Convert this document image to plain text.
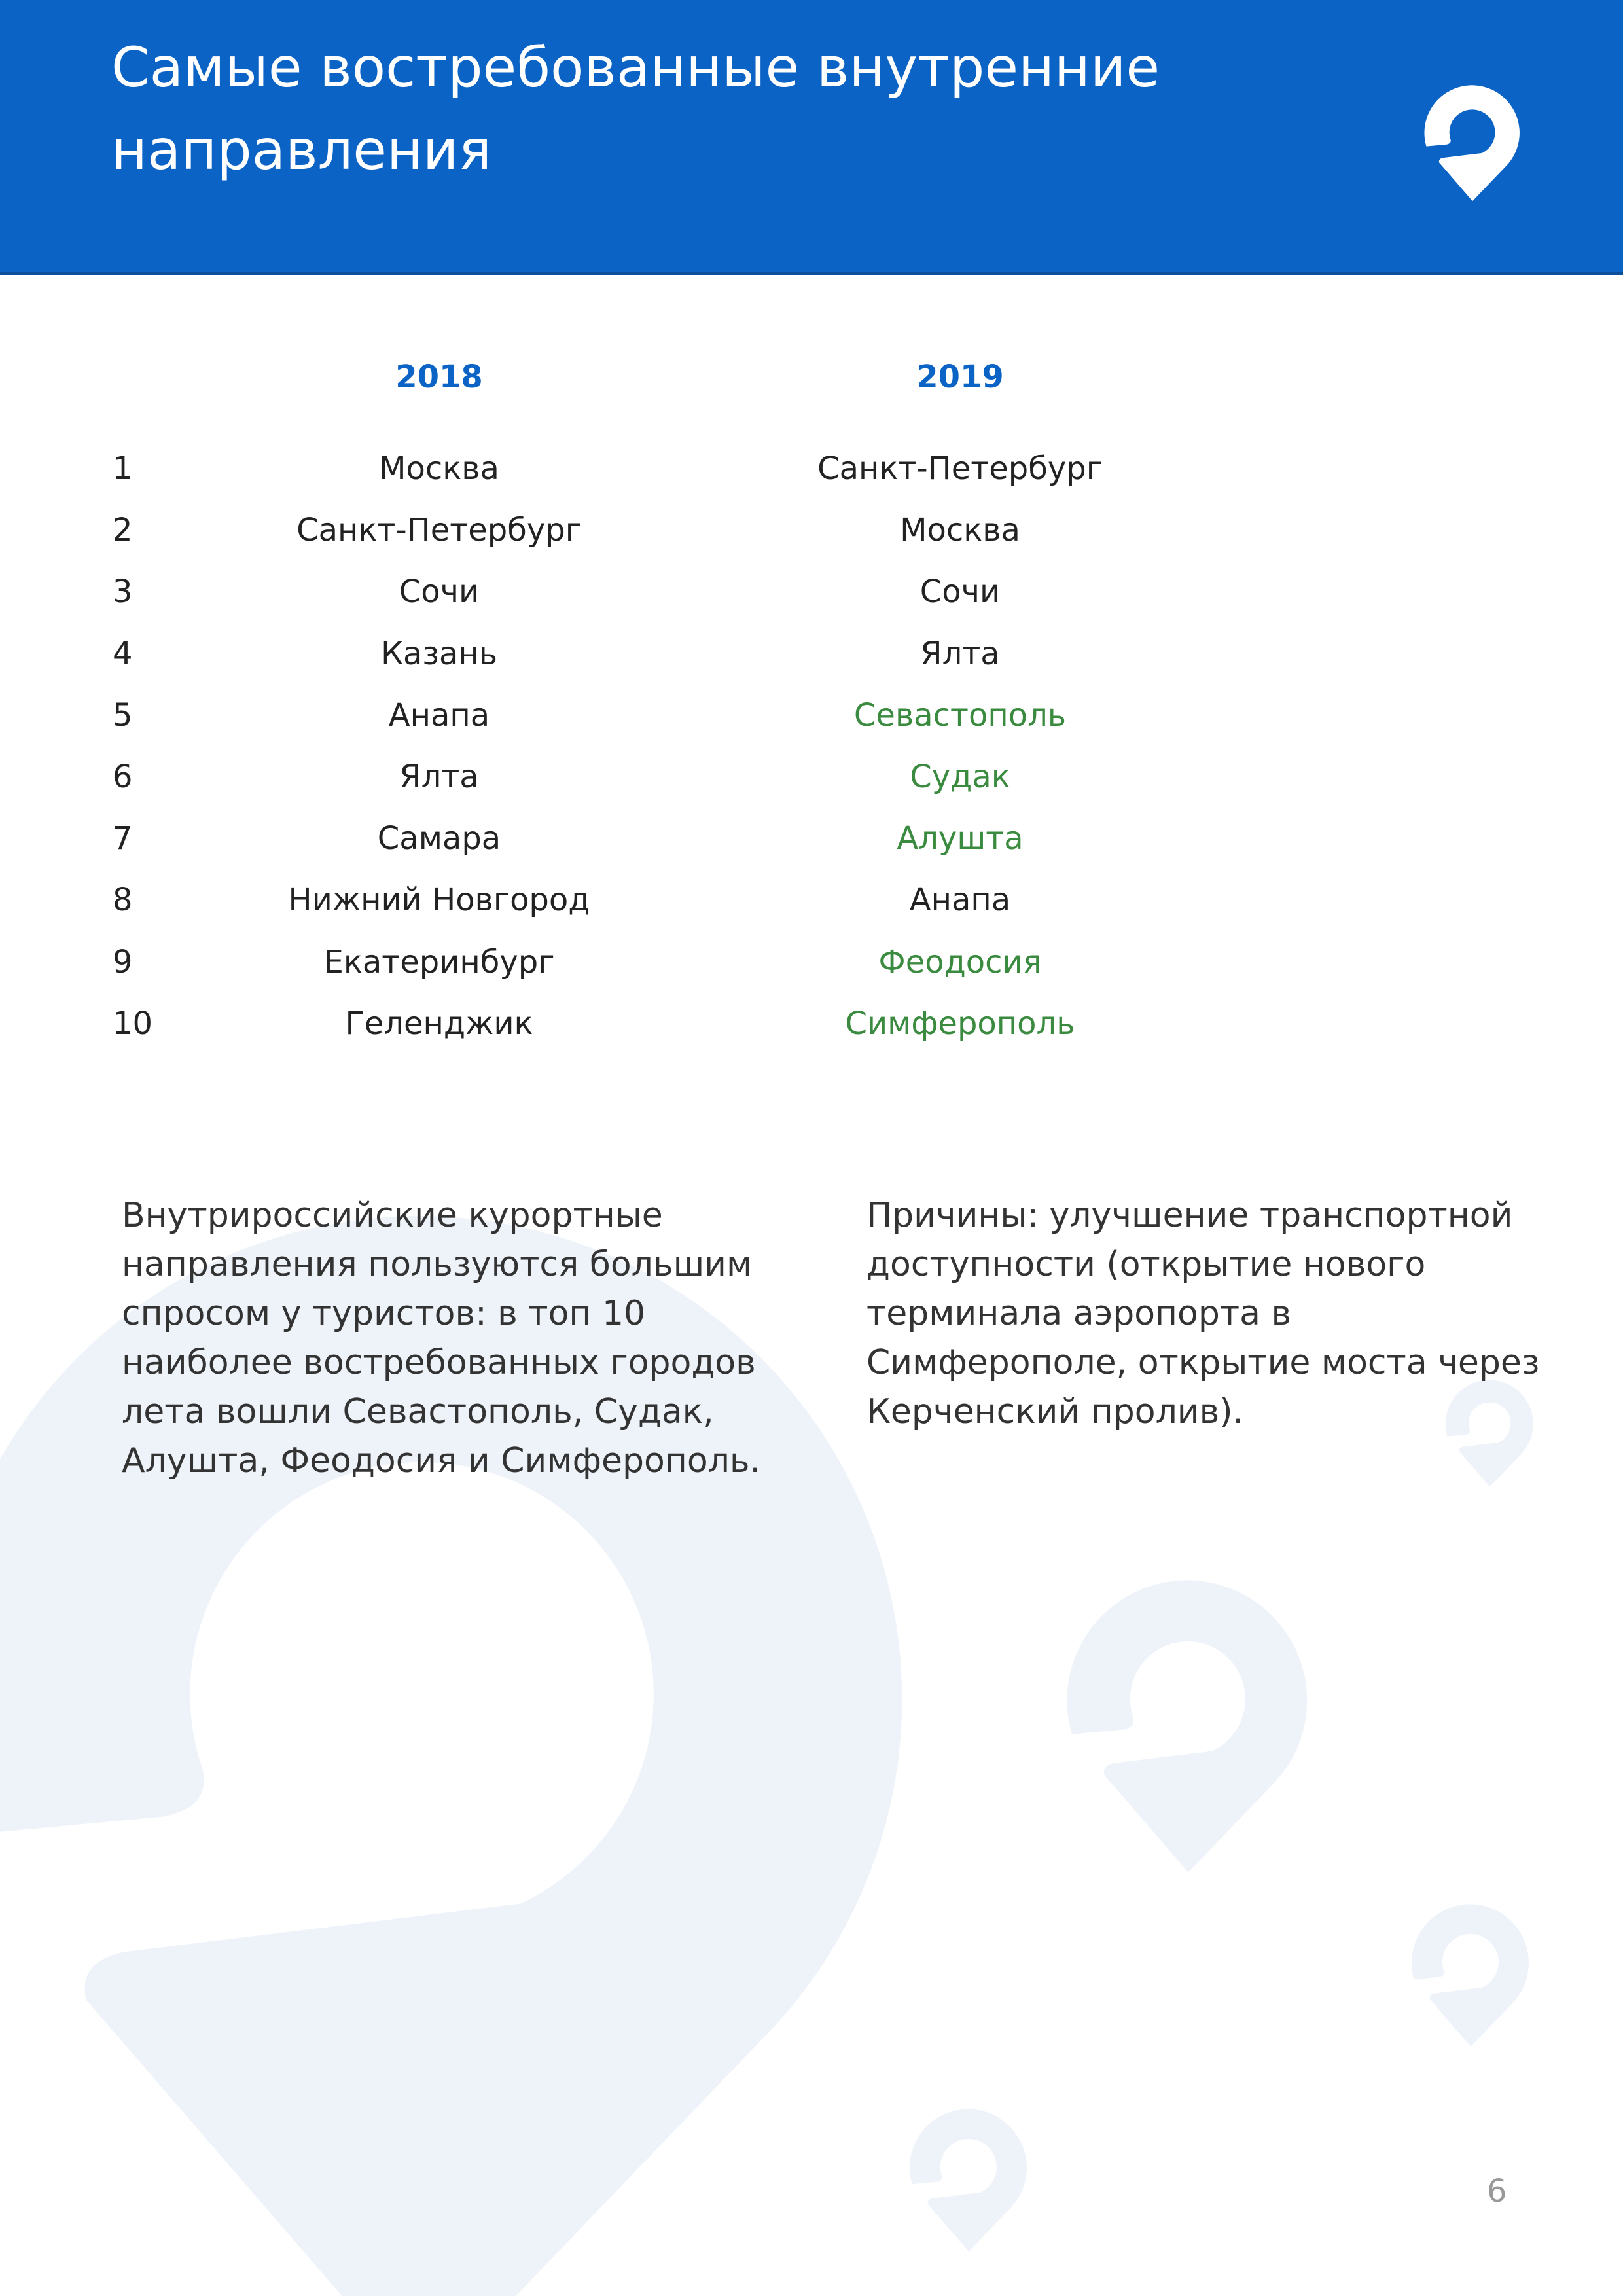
Самые востребованные внутренние направления
2018	2019
1	Москва	Санкт-Петербург
2	Санкт-Петербург	Москва
3	Сочи	Сочи
4	Казань	Ялта
5	Анапа	Севастополь
6	Ялта	Судак
7	Самара	Алушта
8	Нижний Новгород	Анапа
9	Екатеринбург	Феодосия
10	Геленджик	Симферополь
Внутрироссийские курортные направления пользуются большим спросом у туристов: в топ 10 наиболее востребованных городов лета вошли Севастополь, Судак, Алушта, Феодосия и Симферополь.
Причины: улучшение транспортной доступности (открытие нового терминала аэропорта в Симферополе, открытие моста через Керченский пролив).
6
